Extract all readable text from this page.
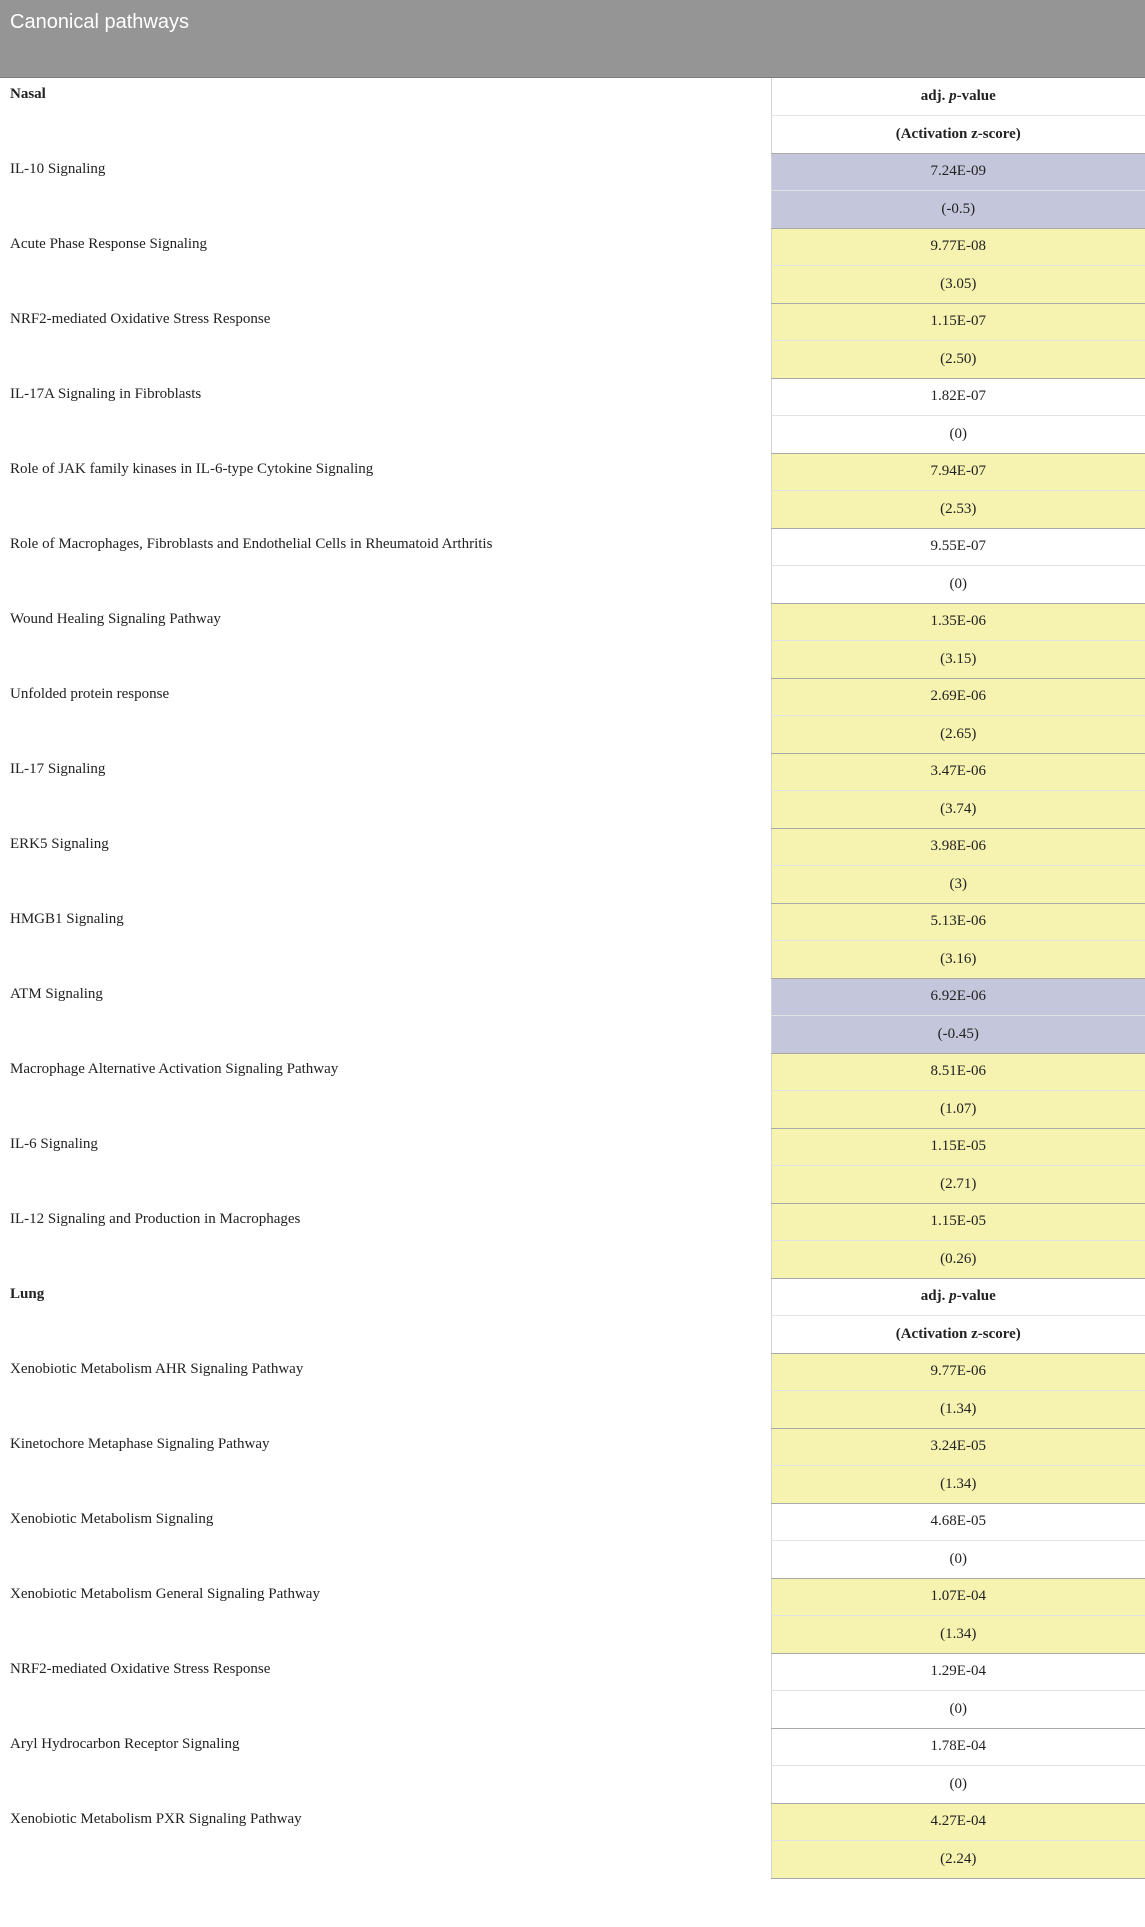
Canonical pathways
Nasal	adj. p-value
	(Activation z-score)
IL-10 Signaling	7.24E-09
	(-0.5)
Acute Phase Response Signaling	9.77E-08
	(3.05)
NRF2-mediated Oxidative Stress Response	1.15E-07
	(2.50)
IL-17A Signaling in Fibroblasts	1.82E-07
	(0)
Role of JAK family kinases in IL-6-type Cytokine Signaling	7.94E-07
	(2.53)
Role of Macrophages, Fibroblasts and Endothelial Cells in Rheumatoid Arthritis	9.55E-07
	(0)
Wound Healing Signaling Pathway	1.35E-06
	(3.15)
Unfolded protein response	2.69E-06
	(2.65)
IL-17 Signaling	3.47E-06
	(3.74)
ERK5 Signaling	3.98E-06
	(3)
HMGB1 Signaling	5.13E-06
	(3.16)
ATM Signaling	6.92E-06
	(-0.45)
Macrophage Alternative Activation Signaling Pathway	8.51E-06
	(1.07)
IL-6 Signaling	1.15E-05
	(2.71)
IL-12 Signaling and Production in Macrophages	1.15E-05
	(0.26)
Lung	adj. p-value
	(Activation z-score)
Xenobiotic Metabolism AHR Signaling Pathway	9.77E-06
	(1.34)
Kinetochore Metaphase Signaling Pathway	3.24E-05
	(1.34)
Xenobiotic Metabolism Signaling	4.68E-05
	(0)
Xenobiotic Metabolism General Signaling Pathway	1.07E-04
	(1.34)
NRF2-mediated Oxidative Stress Response	1.29E-04
	(0)
Aryl Hydrocarbon Receptor Signaling	1.78E-04
	(0)
Xenobiotic Metabolism PXR Signaling Pathway	4.27E-04
	(2.24)
